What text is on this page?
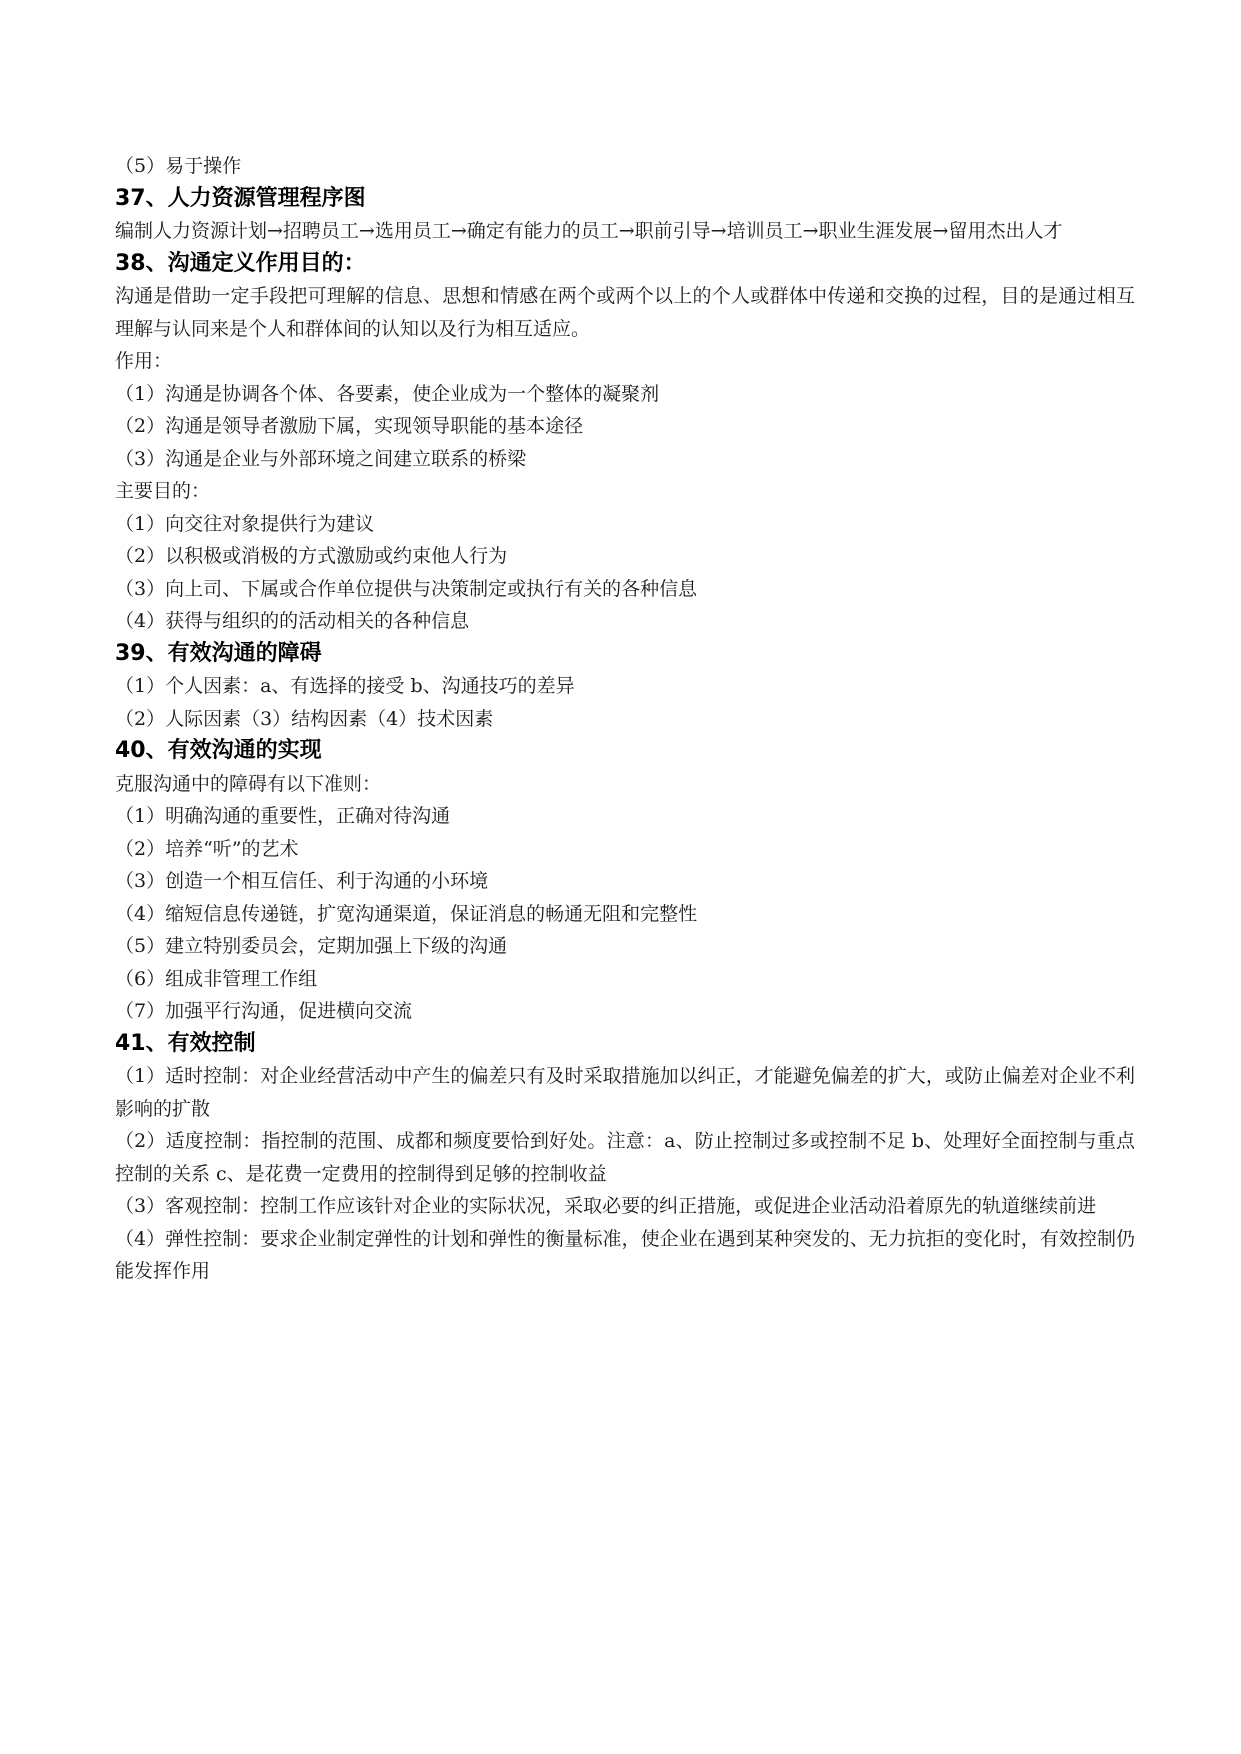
（5）易于操作
37、人力资源管理程序图
编制人力资源计划→招聘员工→选用员工→确定有能力的员工→职前引导→培训员工→职业生涯发展→留用杰出人才
38、沟通定义作用目的：
沟通是借助一定手段把可理解的信息、思想和情感在两个或两个以上的个人或群体中传递和交换的过程，目的是通过相互理解与认同来是个人和群体间的认知以及行为相互适应。
作用：
（1）沟通是协调各个体、各要素，使企业成为一个整体的凝聚剂
（2）沟通是领导者激励下属，实现领导职能的基本途径
（3）沟通是企业与外部环境之间建立联系的桥梁
主要目的：
（1）向交往对象提供行为建议
（2）以积极或消极的方式激励或约束他人行为
（3）向上司、下属或合作单位提供与决策制定或执行有关的各种信息
（4）获得与组织的的活动相关的各种信息
39、有效沟通的障碍
（1）个人因素：a、有选择的接受 b、沟通技巧的差异
（2）人际因素（3）结构因素（4）技术因素
40、有效沟通的实现
克服沟通中的障碍有以下准则：
（1）明确沟通的重要性，正确对待沟通
（2）培养“听”的艺术
（3）创造一个相互信任、利于沟通的小环境
（4）缩短信息传递链，扩宽沟通渠道，保证消息的畅通无阻和完整性
（5）建立特别委员会，定期加强上下级的沟通
（6）组成非管理工作组
（7）加强平行沟通，促进横向交流
41、有效控制
（1）适时控制：对企业经营活动中产生的偏差只有及时采取措施加以纠正，才能避免偏差的扩大，或防止偏差对企业不利影响的扩散
（2）适度控制：指控制的范围、成都和频度要恰到好处。注意：a、防止控制过多或控制不足 b、处理好全面控制与重点控制的关系 c、是花费一定费用的控制得到足够的控制收益
（3）客观控制：控制工作应该针对企业的实际状况，采取必要的纠正措施，或促进企业活动沿着原先的轨道继续前进
（4）弹性控制：要求企业制定弹性的计划和弹性的衡量标准，使企业在遇到某种突发的、无力抗拒的变化时，有效控制仍能发挥作用
